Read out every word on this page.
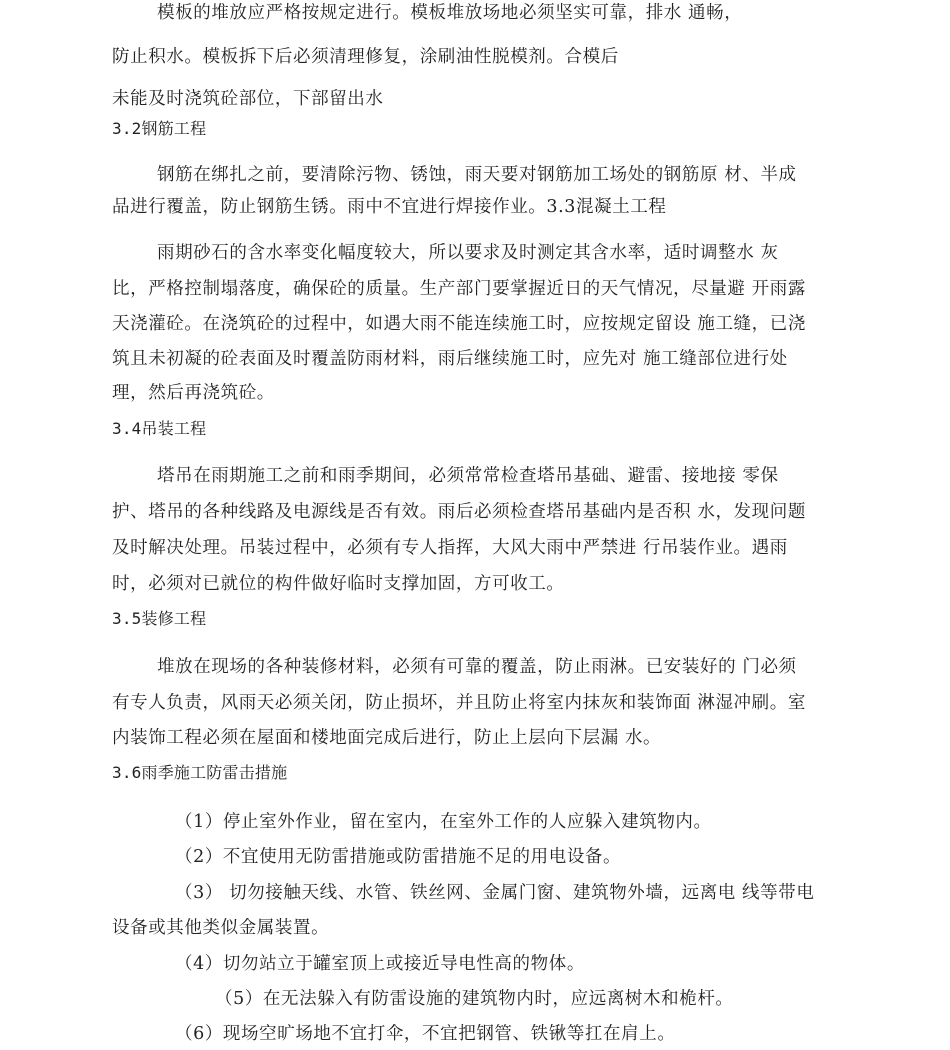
模板的堆放应严格按规定进行。模板堆放场地必须坚实可靠，排水 通畅，
防止积水。模板拆下后必须清理修复，涂刷油性脱模剂。合模后
未能及时浇筑砼部位，下部留出水
3.2钢筋工程
钢筋在绑扎之前，要清除污物、锈蚀，雨天要对钢筋加工场处的钢筋原 材、半成
品进行覆盖，防止钢筋生锈。雨中不宜进行焊接作业。3.3混凝土工程
雨期砂石的含水率变化幅度较大，所以要求及时测定其含水率，适时调整水 灰
比，严格控制塌落度，确保砼的质量。生产部门要掌握近日的天气情况，尽量避 开雨露
天浇灌砼。在浇筑砼的过程中，如遇大雨不能连续施工时，应按规定留设 施工缝，已浇
筑且未初凝的砼表面及时覆盖防雨材料，雨后继续施工时，应先对 施工缝部位进行处
理，然后再浇筑砼。
3.4吊装工程
塔吊在雨期施工之前和雨季期间，必须常常检查塔吊基础、避雷、接地接 零保
护、塔吊的各种线路及电源线是否有效。雨后必须检查塔吊基础内是否积 水，发现问题
及时解决处理。吊装过程中，必须有专人指挥，大风大雨中严禁进 行吊装作业。遇雨
时，必须对已就位的构件做好临时支撑加固，方可收工。
3.5装修工程
堆放在现场的各种装修材料，必须有可靠的覆盖，防止雨淋。已安装好的 门必须
有专人负责，风雨天必须关闭，防止损坏，并且防止将室内抹灰和装饰面 淋湿冲刷。室
内装饰工程必须在屋面和楼地面完成后进行，防止上层向下层漏 水。
3.6雨季施工防雷击措施
（1）停止室外作业，留在室内，在室外工作的人应躲入建筑物内。
（2）不宜使用无防雷措施或防雷措施不足的用电设备。
（3） 切勿接触天线、水管、铁丝网、金属门窗、建筑物外墙，远离电 线等带电
设备或其他类似金属装置。
（4）切勿站立于罐室顶上或接近导电性高的物体。
（5）在无法躲入有防雷设施的建筑物内时，应远离树木和桅杆。
（6）现场空旷场地不宜打伞，不宜把钢管、铁锹等扛在肩上。
